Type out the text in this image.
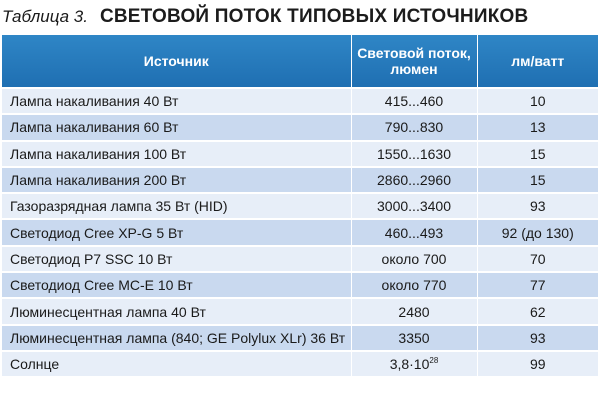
Таблица 3. СВЕТОВОЙ ПОТОК ТИПОВЫХ ИСТОЧНИКОВ
Источник	Световой поток, люмен	лм/ватт
Лампа накаливания 40 Вт	415...460	10
Лампа накаливания 60 Вт	790...830	13
Лампа накаливания 100 Вт	1550...1630	15
Лампа накаливания 200 Вт	2860...2960	15
Газоразрядная лампа 35 Вт (HID)	3000...3400	93
Светодиод Cree XP-G 5 Вт	460...493	92 (до 130)
Светодиод P7 SSC 10 Вт	около 700	70
Светодиод Cree MC-E 10 Вт	около 770	77
Люминесцентная лампа 40 Вт	2480	62
Люминесцентная лампа (840; GE Polylux XLr) 36 Вт	3350	93
Солнце	$3,8\cdot 10^{28}$	99
